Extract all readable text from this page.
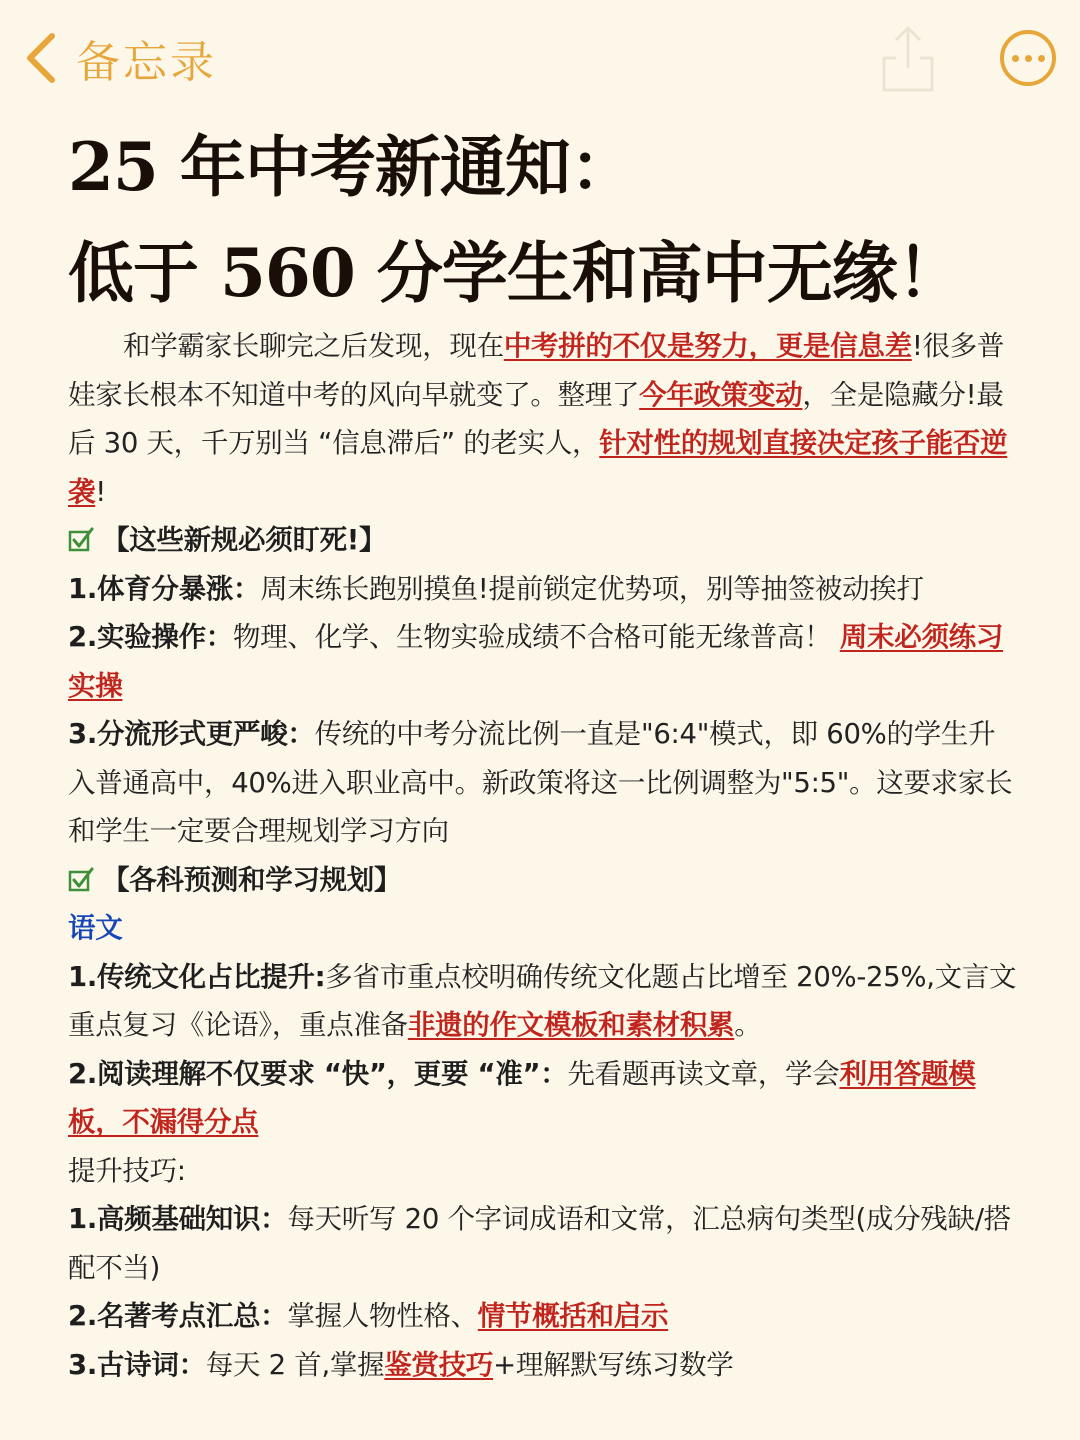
备忘录
25 年中考新通知：
低于 560 分学生和高中无缘！

和学霸家长聊完之后发现，现在中考拼的不仅是努力，更是信息差!很多普娃家长根本不知道中考的风向早就变了。整理了今年政策变动，全是隐藏分!最后 30 天，千万别当 “信息滞后” 的老实人，针对性的规划直接决定孩子能否逆袭!

【这些新规必须盯死!】

1.体育分暴涨：周末练长跑别摸鱼!提前锁定优势项，别等抽签被动挨打

2.实验操作：物理、化学、生物实验成绩不合格可能无缘普高！ 周末必须练习实操

3.分流形式更严峻：传统的中考分流比例一直是"6:4"模式，即 60%的学生升入普通高中，40%进入职业高中。新政策将这一比例调整为"5:5"。这要求家长和学生一定要合理规划学习方向

【各科预测和学习规划】

语文

1.传统文化占比提升:多省市重点校明确传统文化题占比增至 20%-25%,文言文重点复习《论语》，重点准备非遗的作文模板和素材积累。

2.阅读理解不仅要求 “快”，更要 “准”：先看题再读文章，学会利用答题模板，不漏得分点

提升技巧:

1.高频基础知识：每天听写 20 个字词成语和文常，汇总病句类型(成分残缺/搭配不当)

2.名著考点汇总：掌握人物性格、情节概括和启示

3.古诗词：每天 2 首,掌握鉴赏技巧+理解默写练习数学
